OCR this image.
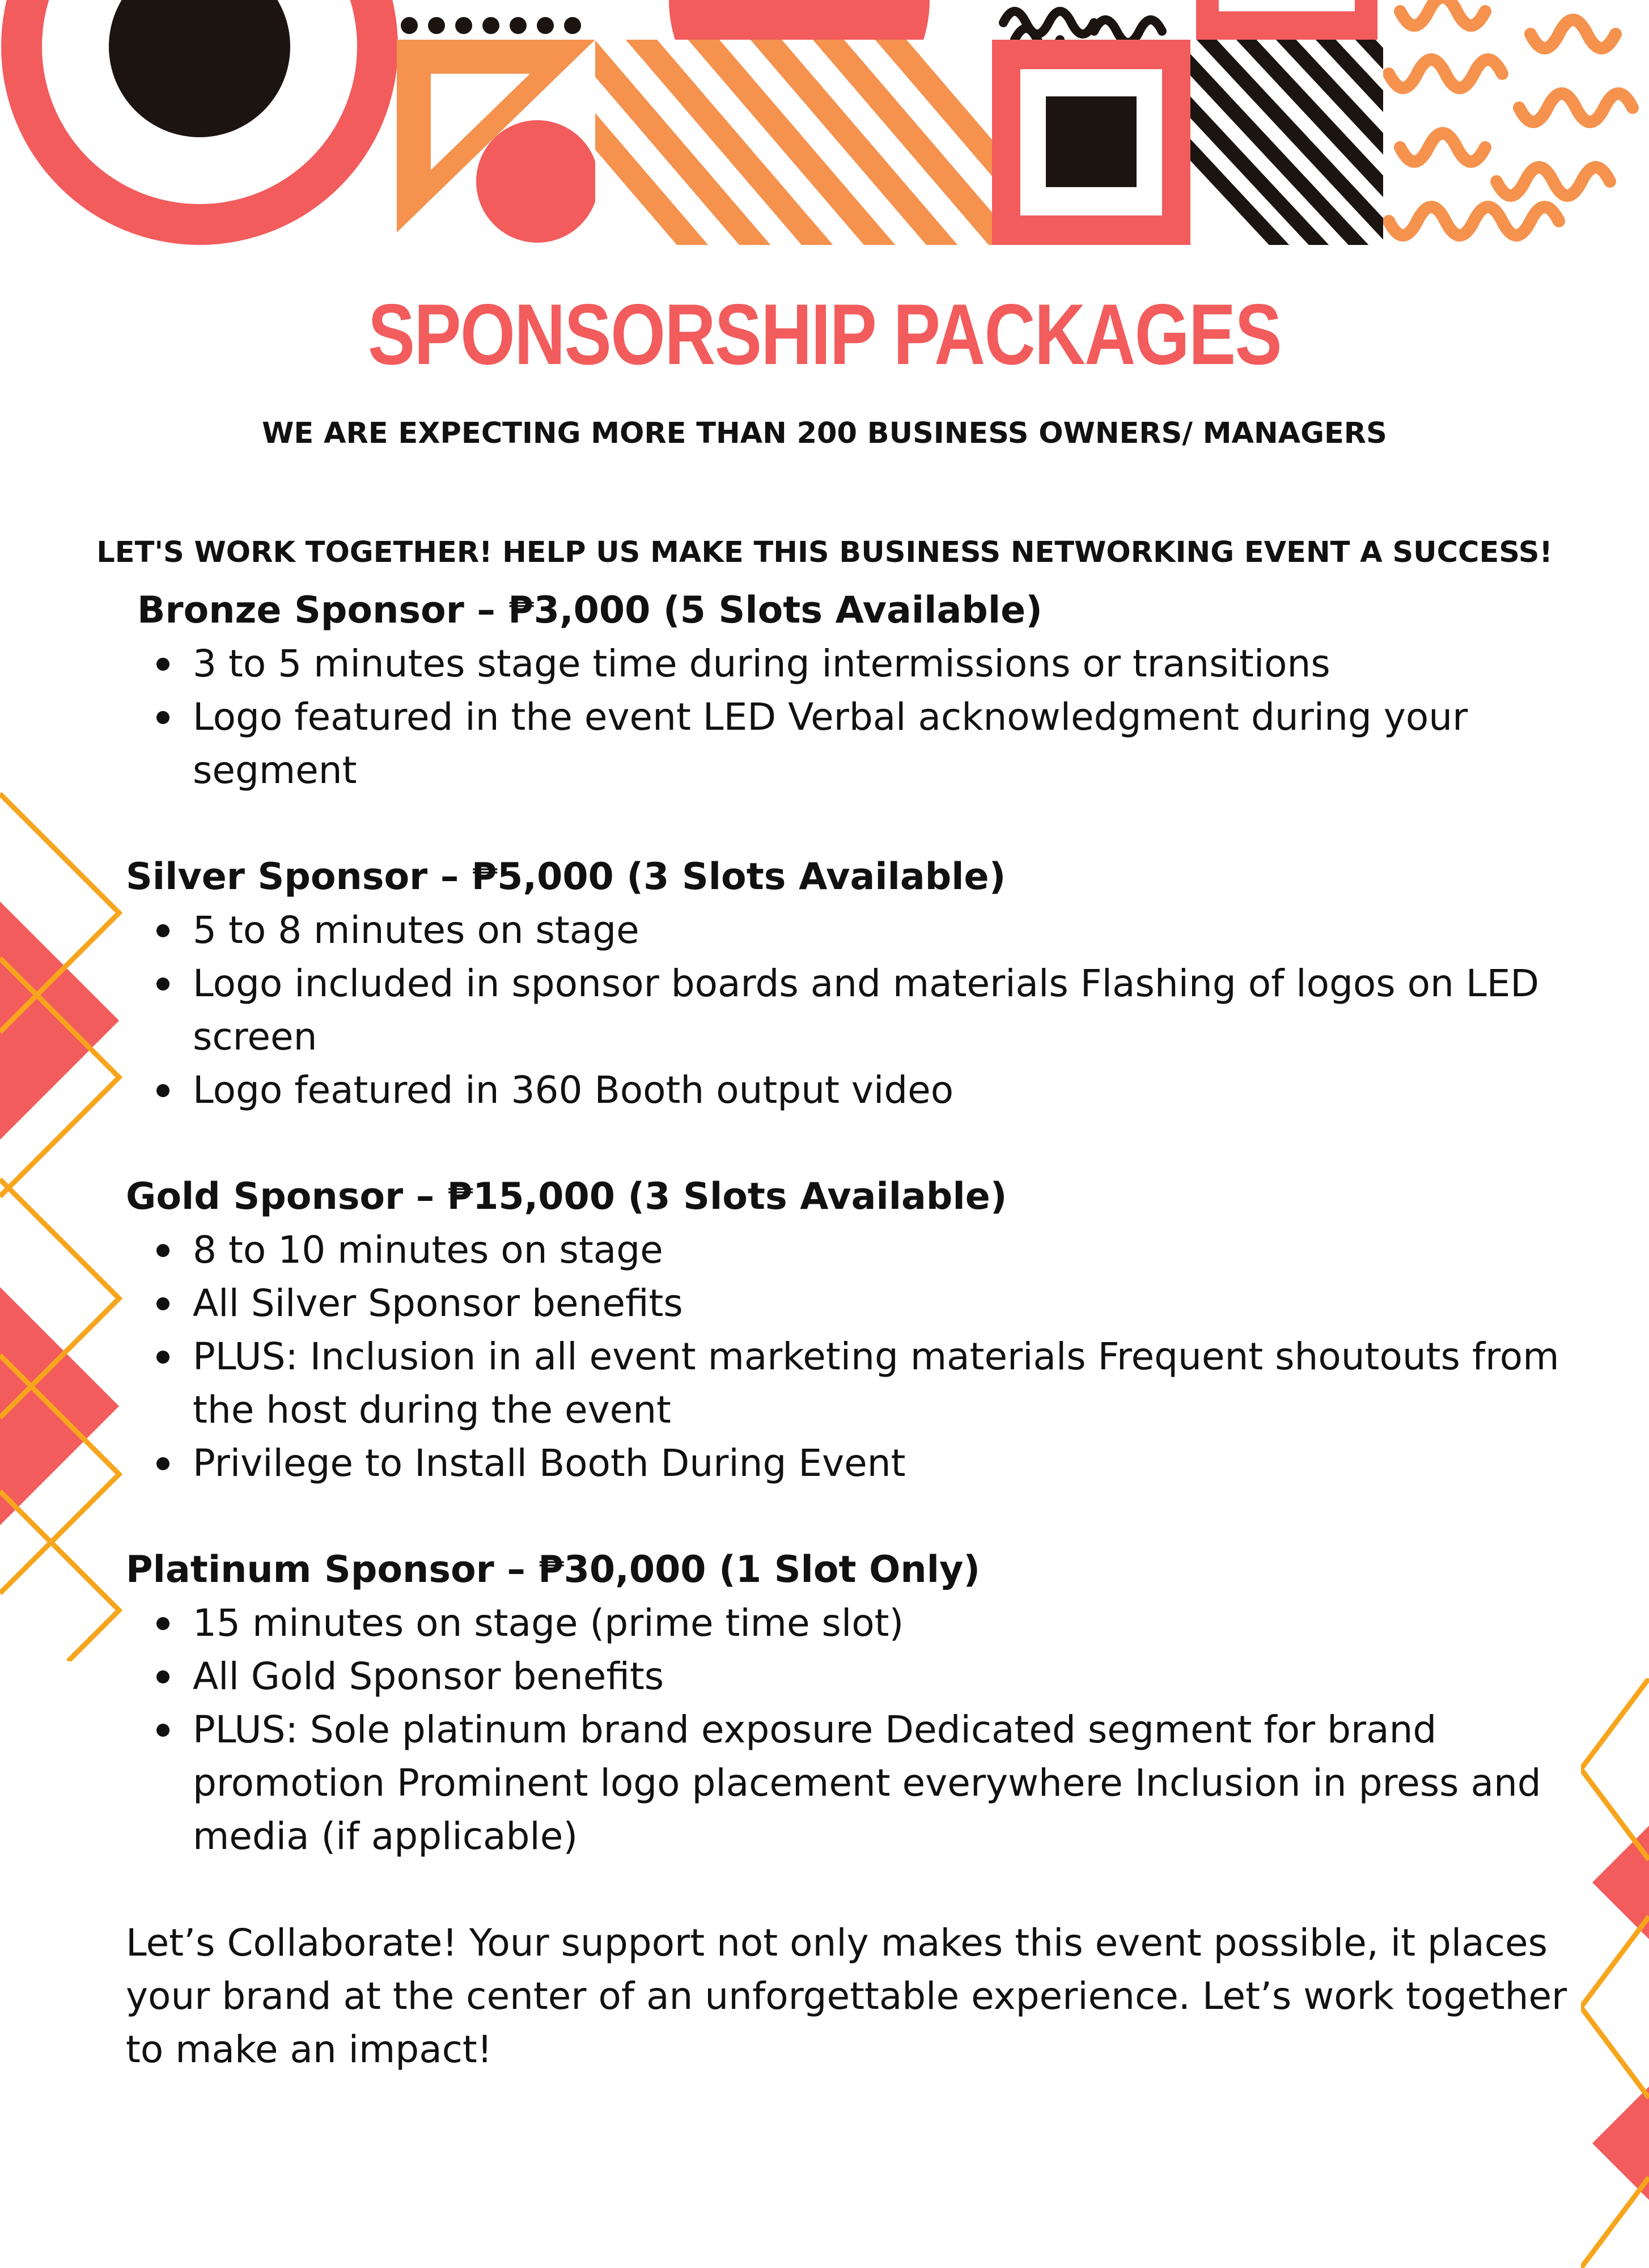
SPONSORSHIP PACKAGES

WE ARE EXPECTING MORE THAN 200 BUSINESS OWNERS/ MANAGERS

LET'S WORK TOGETHER! HELP US MAKE THIS BUSINESS NETWORKING EVENT A SUCCESS!

Bronze Sponsor – ₱3,000 (5 Slots Available)
3 to 5 minutes stage time during intermissions or transitions
Logo featured in the event LED Verbal acknowledgment during your segment
Silver Sponsor – ₱5,000 (3 Slots Available)
5 to 8 minutes on stage
Logo included in sponsor boards and materials Flashing of logos on LED screen
Logo featured in 360 Booth output video
Gold Sponsor – ₱15,000 (3 Slots Available)
8 to 10 minutes on stage
All Silver Sponsor benefits
PLUS: Inclusion in all event marketing materials Frequent shoutouts from the host during the event
Privilege to Install Booth During Event
Platinum Sponsor – ₱30,000 (1 Slot Only)
15 minutes on stage (prime time slot)
All Gold Sponsor benefits
PLUS: Sole platinum brand exposure Dedicated segment for brand promotion Prominent logo placement everywhere Inclusion in press and media (if applicable)

Let’s Collaborate! Your support not only makes this event possible, it places your brand at the center of an unforgettable experience. Let’s work together to make an impact!
